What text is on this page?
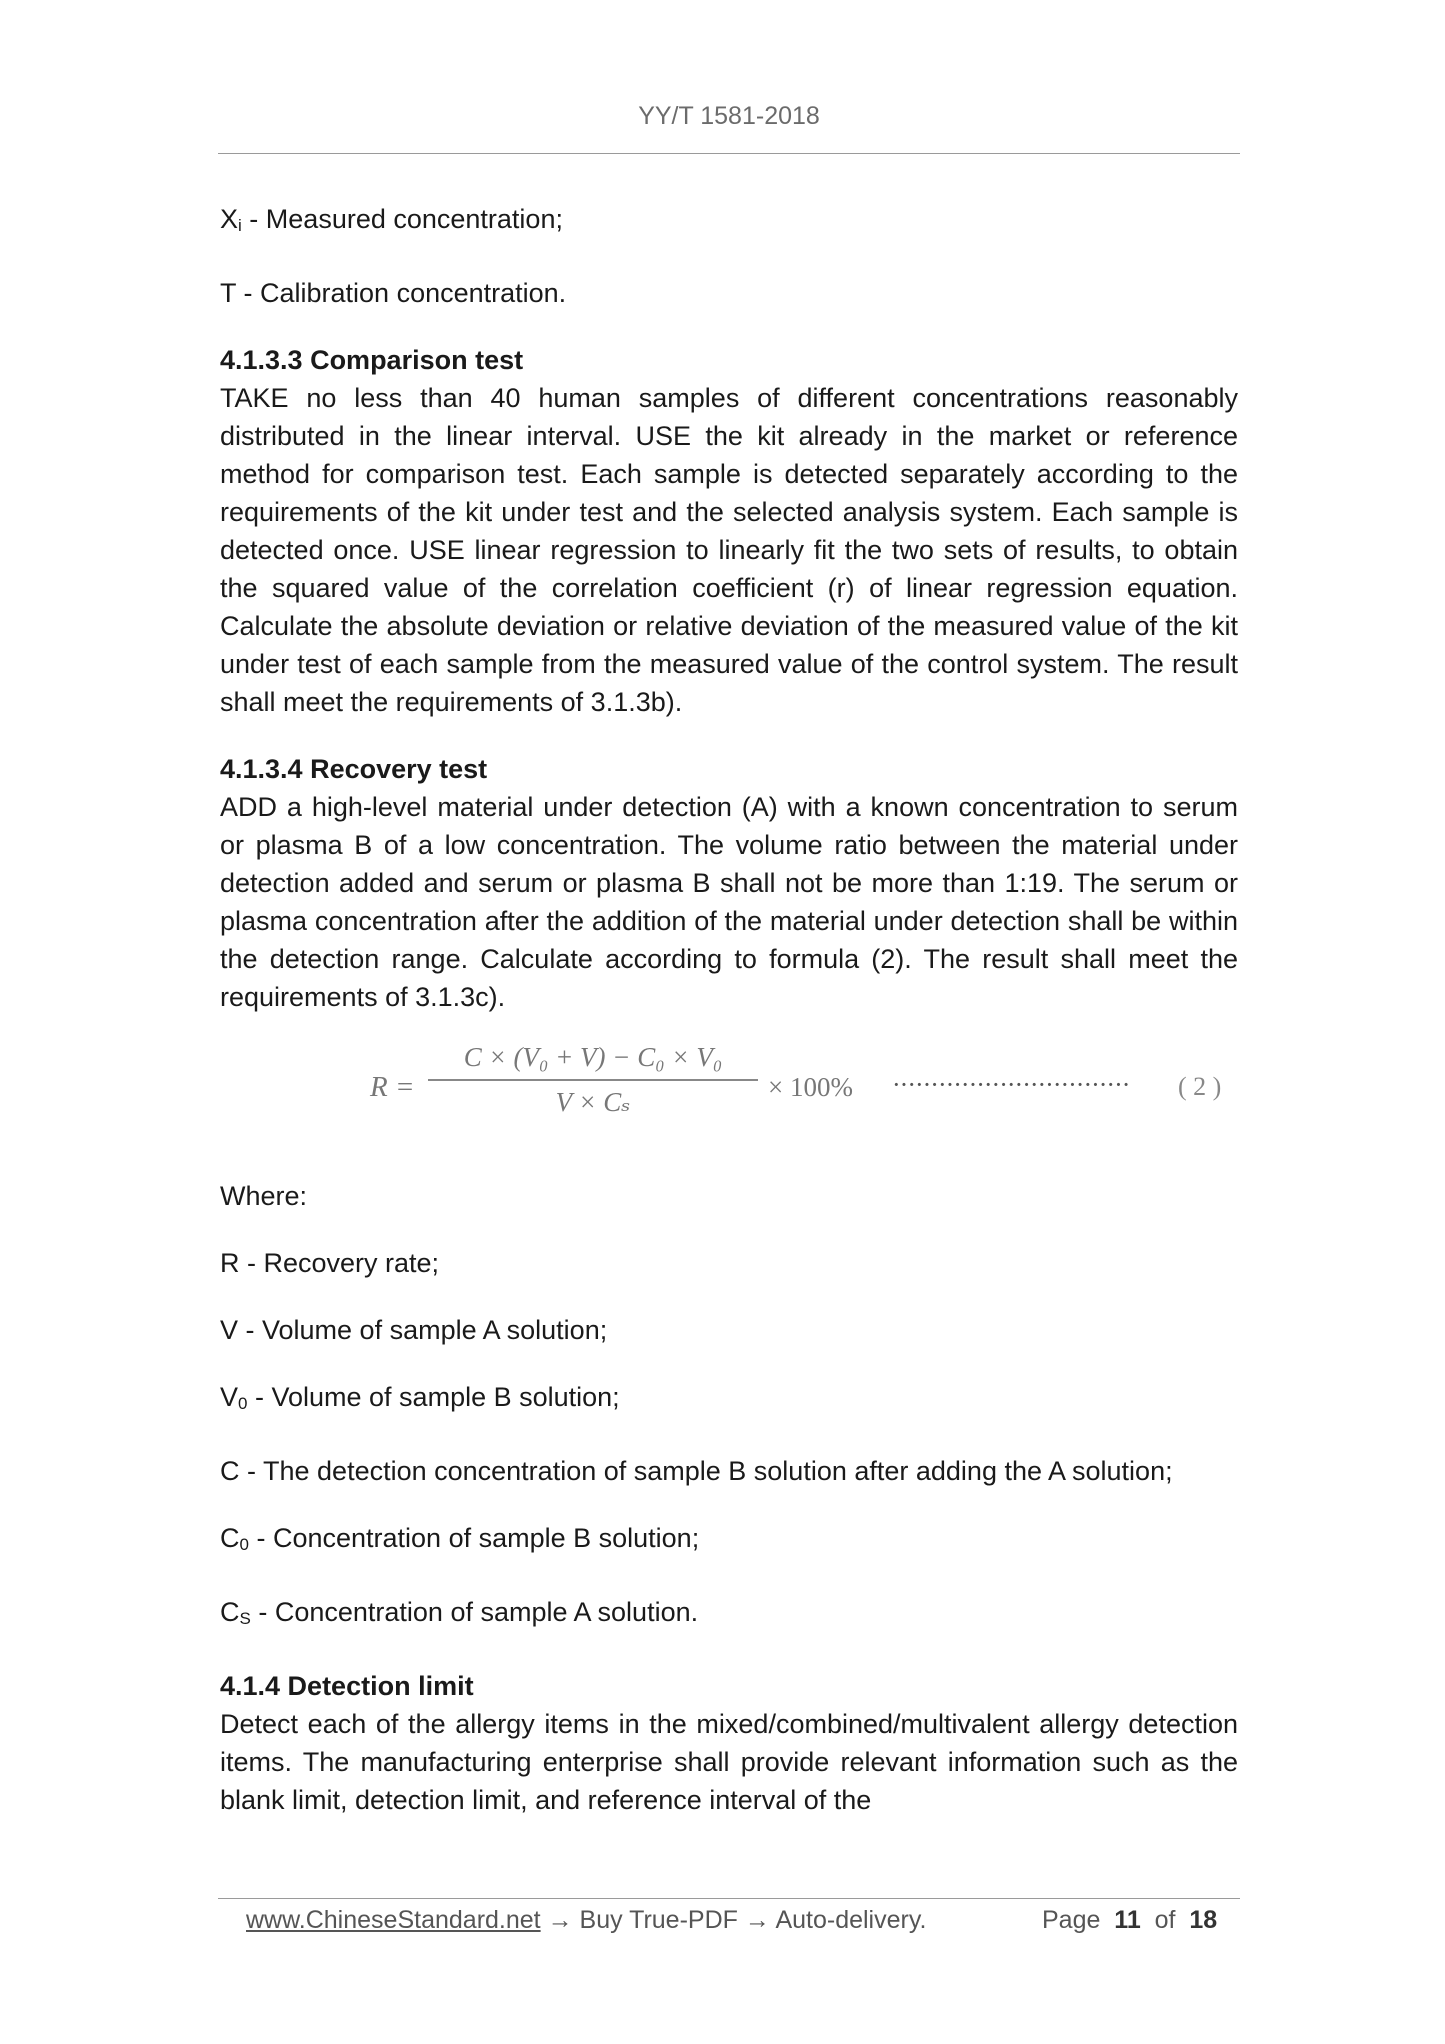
YY/T 1581-2018

$X_i$ - Measured concentration;

T - Calibration concentration.

4.1.3.3 Comparison test

TAKE no less than 40 human samples of different concentrations reasonably distributed in the linear interval. USE the kit already in the market or reference method for comparison test. Each sample is detected separately according to the requirements of the kit under test and the selected analysis system. Each sample is detected once. USE linear regression to linearly fit the two sets of results, to obtain the squared value of the correlation coefficient (r) of linear regression equation. Calculate the absolute deviation or relative deviation of the measured value of the kit under test of each sample from the measured value of the control system. The result shall meet the requirements of 3.1.3b).

4.1.3.4 Recovery test

ADD a high-level material under detection (A) with a known concentration to serum or plasma B of a low concentration. The volume ratio between the material under detection added and serum or plasma B shall not be more than 1:19. The serum or plasma concentration after the addition of the material under detection shall be within the detection range. Calculate according to formula (2). The result shall meet the requirements of 3.1.3c).

R =
C × (V₀ + V) − C₀ × V₀
V × Cₛ	× 100% ······························· ( 2 )

Where:

R - Recovery rate;

V - Volume of sample A solution;

$V_0$ - Volume of sample B solution;

C - The detection concentration of sample B solution after adding the A solution;

$C_0$ - Concentration of sample B solution;

$C_S$ - Concentration of sample A solution.

4.1.4 Detection limit

Detect each of the allergy items in the mixed/combined/multivalent allergy detection items. The manufacturing enterprise shall provide relevant information such as the blank limit, detection limit, and reference interval of the

www.ChineseStandard.net → Buy True-PDF → Auto-delivery.	Page 11 of 18
